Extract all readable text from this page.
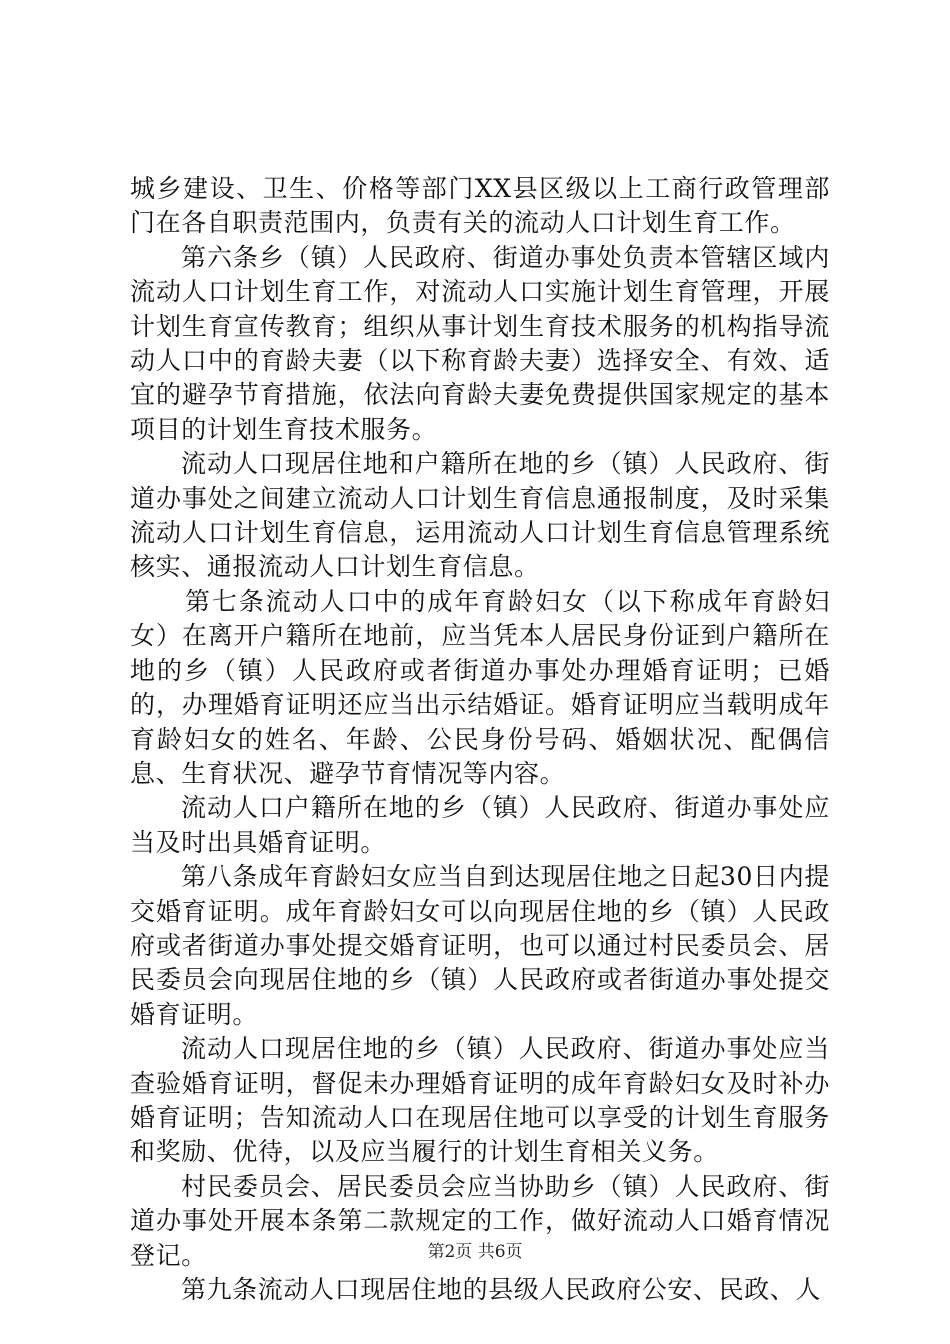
城乡建设、卫生、价格等部门XX县区级以上工商行政管理部门在各自职责范围内，负责有关的流动人口计划生育工作。

第六条乡（镇）人民政府、街道办事处负责本管辖区域内流动人口计划生育工作，对流动人口实施计划生育管理，开展计划生育宣传教育；组织从事计划生育技术服务的机构指导流动人口中的育龄夫妻（以下称育龄夫妻）选择安全、有效、适宜的避孕节育措施，依法向育龄夫妻免费提供国家规定的基本项目的计划生育技术服务。

流动人口现居住地和户籍所在地的乡（镇）人民政府、街道办事处之间建立流动人口计划生育信息通报制度，及时采集流动人口计划生育信息，运用流动人口计划生育信息管理系统核实、通报流动人口计划生育信息。

第七条流动人口中的成年育龄妇女（以下称成年育龄妇女）在离开户籍所在地前，应当凭本人居民身份证到户籍所在地的乡（镇）人民政府或者街道办事处办理婚育证明；已婚的，办理婚育证明还应当出示结婚证。婚育证明应当载明成年育龄妇女的姓名、年龄、公民身份号码、婚姻状况、配偶信息、生育状况、避孕节育情况等内容。

流动人口户籍所在地的乡（镇）人民政府、街道办事处应当及时出具婚育证明。

第八条成年育龄妇女应当自到达现居住地之日起30日内提交婚育证明。成年育龄妇女可以向现居住地的乡（镇）人民政府或者街道办事处提交婚育证明，也可以通过村民委员会、居民委员会向现居住地的乡（镇）人民政府或者街道办事处提交婚育证明。

流动人口现居住地的乡（镇）人民政府、街道办事处应当查验婚育证明，督促未办理婚育证明的成年育龄妇女及时补办婚育证明；告知流动人口在现居住地可以享受的计划生育服务和奖励、优待，以及应当履行的计划生育相关义务。

村民委员会、居民委员会应当协助乡（镇）人民政府、街道办事处开展本条第二款规定的工作，做好流动人口婚育情况登记。

第九条流动人口现居住地的县级人民政府公安、民政、人

第2页 共6页
